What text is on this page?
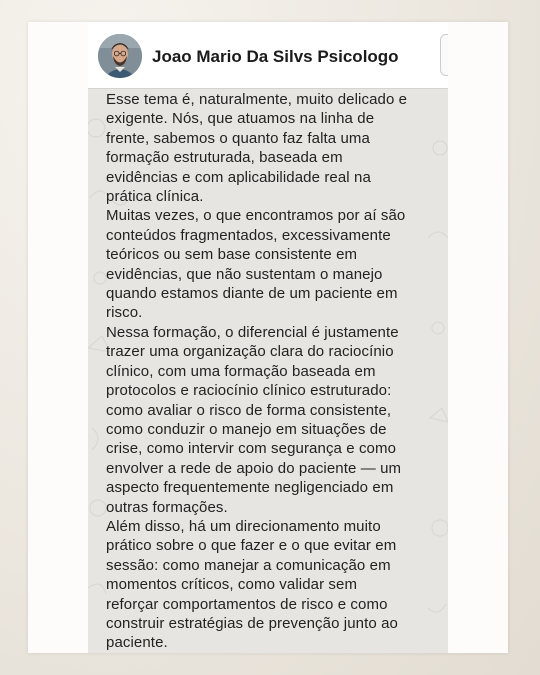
Joao Mario Da Silvs Psicologo
Esse tema é, naturalmente, muito delicado e
exigente. Nós, que atuamos na linha de
frente, sabemos o quanto faz falta uma
formação estruturada, baseada em
evidências e com aplicabilidade real na
prática clínica.
Muitas vezes, o que encontramos por aí são
conteúdos fragmentados, excessivamente
teóricos ou sem base consistente em
evidências, que não sustentam o manejo
quando estamos diante de um paciente em
risco.
Nessa formação, o diferencial é justamente
trazer uma organização clara do raciocínio
clínico, com uma formação baseada em
protocolos e raciocínio clínico estruturado:
como avaliar o risco de forma consistente,
como conduzir o manejo em situações de
crise, como intervir com segurança e como
envolver a rede de apoio do paciente — um
aspecto frequentemente negligenciado em
outras formações.
Além disso, há um direcionamento muito
prático sobre o que fazer e o que evitar em
sessão: como manejar a comunicação em
momentos críticos, como validar sem
reforçar comportamentos de risco e como
construir estratégias de prevenção junto ao
paciente.
